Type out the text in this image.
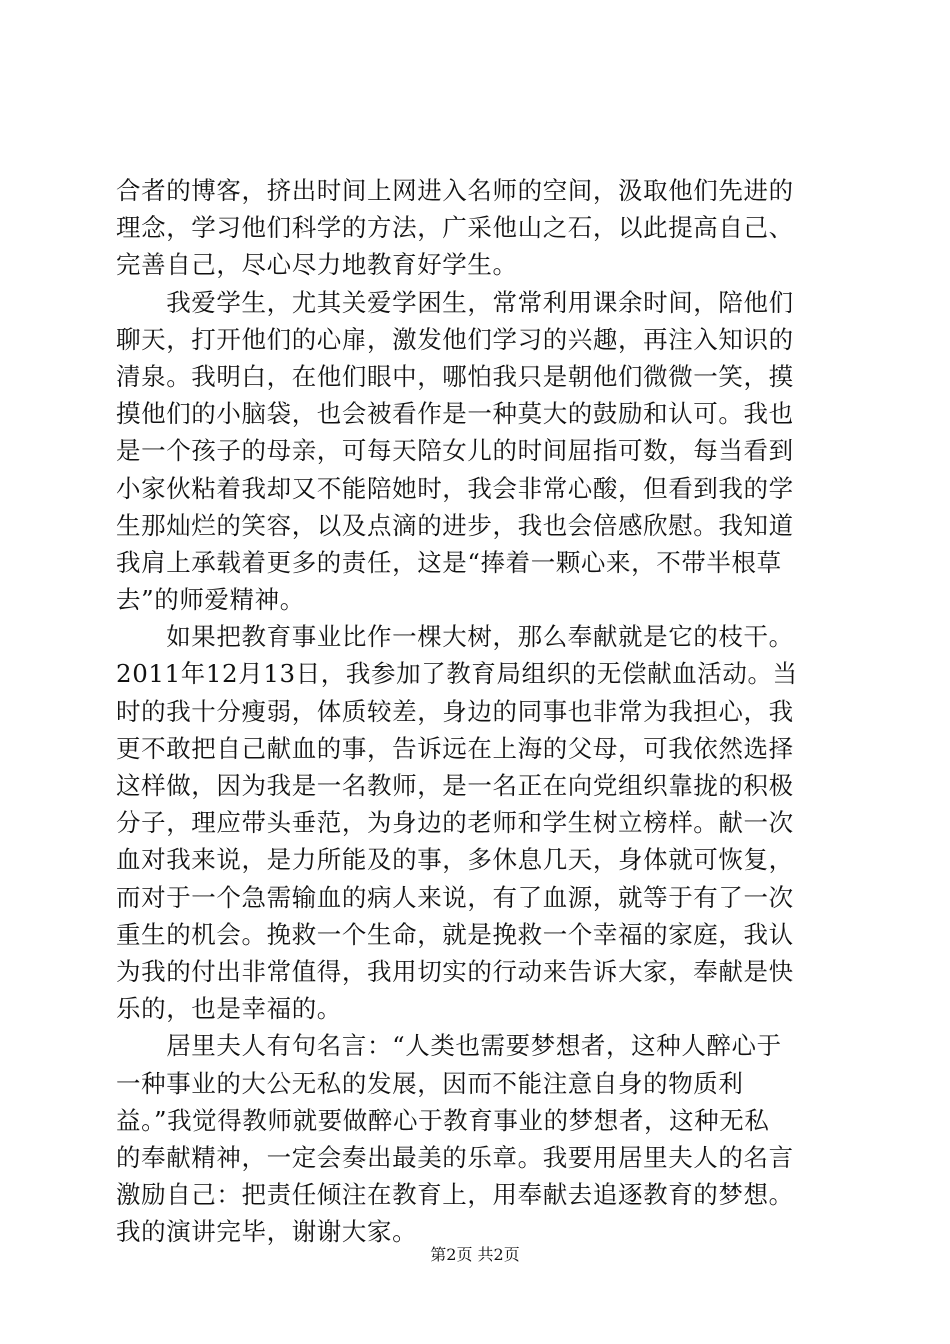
合者的博客，挤出时间上网进入名师的空间，汲取他们先进的
理念，学习他们科学的方法，广采他山之石，以此提高自己、
完善自己，尽心尽力地教育好学生。
　　我爱学生，尤其关爱学困生，常常利用课余时间，陪他们
聊天，打开他们的心扉，激发他们学习的兴趣，再注入知识的
清泉。我明白，在他们眼中，哪怕我只是朝他们微微一笑，摸
摸他们的小脑袋，也会被看作是一种莫大的鼓励和认可。我也
是一个孩子的母亲，可每天陪女儿的时间屈指可数，每当看到
小家伙粘着我却又不能陪她时，我会非常心酸，但看到我的学
生那灿烂的笑容，以及点滴的进步，我也会倍感欣慰。我知道
我肩上承载着更多的责任，这是“捧着一颗心来，不带半根草
去”的师爱精神。
　　如果把教育事业比作一棵大树，那么奉献就是它的枝干。
2011年12月13日，我参加了教育局组织的无偿献血活动。当
时的我十分瘦弱，体质较差，身边的同事也非常为我担心，我
更不敢把自己献血的事，告诉远在上海的父母，可我依然选择
这样做，因为我是一名教师，是一名正在向党组织靠拢的积极
分子，理应带头垂范，为身边的老师和学生树立榜样。献一次
血对我来说，是力所能及的事，多休息几天，身体就可恢复，
而对于一个急需输血的病人来说，有了血源，就等于有了一次
重生的机会。挽救一个生命，就是挽救一个幸福的家庭，我认
为我的付出非常值得，我用切实的行动来告诉大家，奉献是快
乐的，也是幸福的。
　　居里夫人有句名言：“人类也需要梦想者，这种人醉心于
一种事业的大公无私的发展，因而不能注意自身的物质利
益。”我觉得教师就要做醉心于教育事业的梦想者，这种无私
的奉献精神，一定会奏出最美的乐章。我要用居里夫人的名言
激励自己：把责任倾注在教育上，用奉献去追逐教育的梦想。
我的演讲完毕，谢谢大家。
第2页 共2页
